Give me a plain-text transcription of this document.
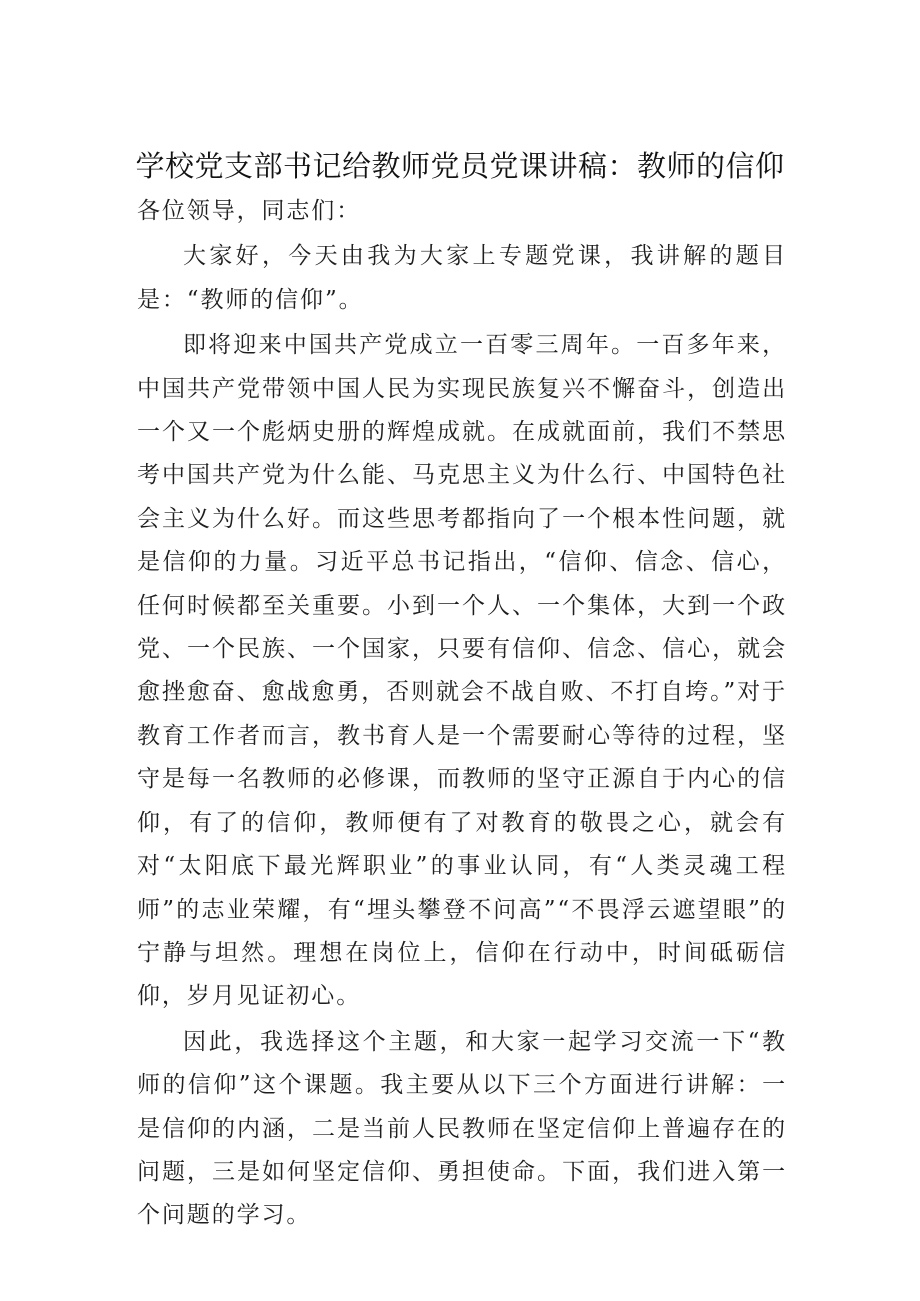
学校党支部书记给教师党员党课讲稿：教师的信仰

各位领导，同志们：

大家好，今天由我为大家上专题党课，我讲解的题目是：“教师的信仰”。

即将迎来中国共产党成立一百零三周年。一百多年来，中国共产党带领中国人民为实现民族复兴不懈奋斗，创造出一个又一个彪炳史册的辉煌成就。在成就面前，我们不禁思考中国共产党为什么能、马克思主义为什么行、中国特色社会主义为什么好。而这些思考都指向了一个根本性问题，就是信仰的力量。习近平总书记指出，“信仰、信念、信心，任何时候都至关重要。小到一个人、一个集体，大到一个政党、一个民族、一个国家，只要有信仰、信念、信心，就会愈挫愈奋、愈战愈勇，否则就会不战自败、不打自垮。”对于教育工作者而言，教书育人是一个需要耐心等待的过程，坚守是每一名教师的必修课，而教师的坚守正源自于内心的信仰，有了的信仰，教师便有了对教育的敬畏之心，就会有对“太阳底下最光辉职业”的事业认同，有“人类灵魂工程师”的志业荣耀，有“埋头攀登不问高”“不畏浮云遮望眼”的宁静与坦然。理想在岗位上，信仰在行动中，时间砥砺信仰，岁月见证初心。

因此，我选择这个主题，和大家一起学习交流一下“教师的信仰”这个课题。我主要从以下三个方面进行讲解：一是信仰的内涵，二是当前人民教师在坚定信仰上普遍存在的问题，三是如何坚定信仰、勇担使命。下面，我们进入第一个问题的学习。
